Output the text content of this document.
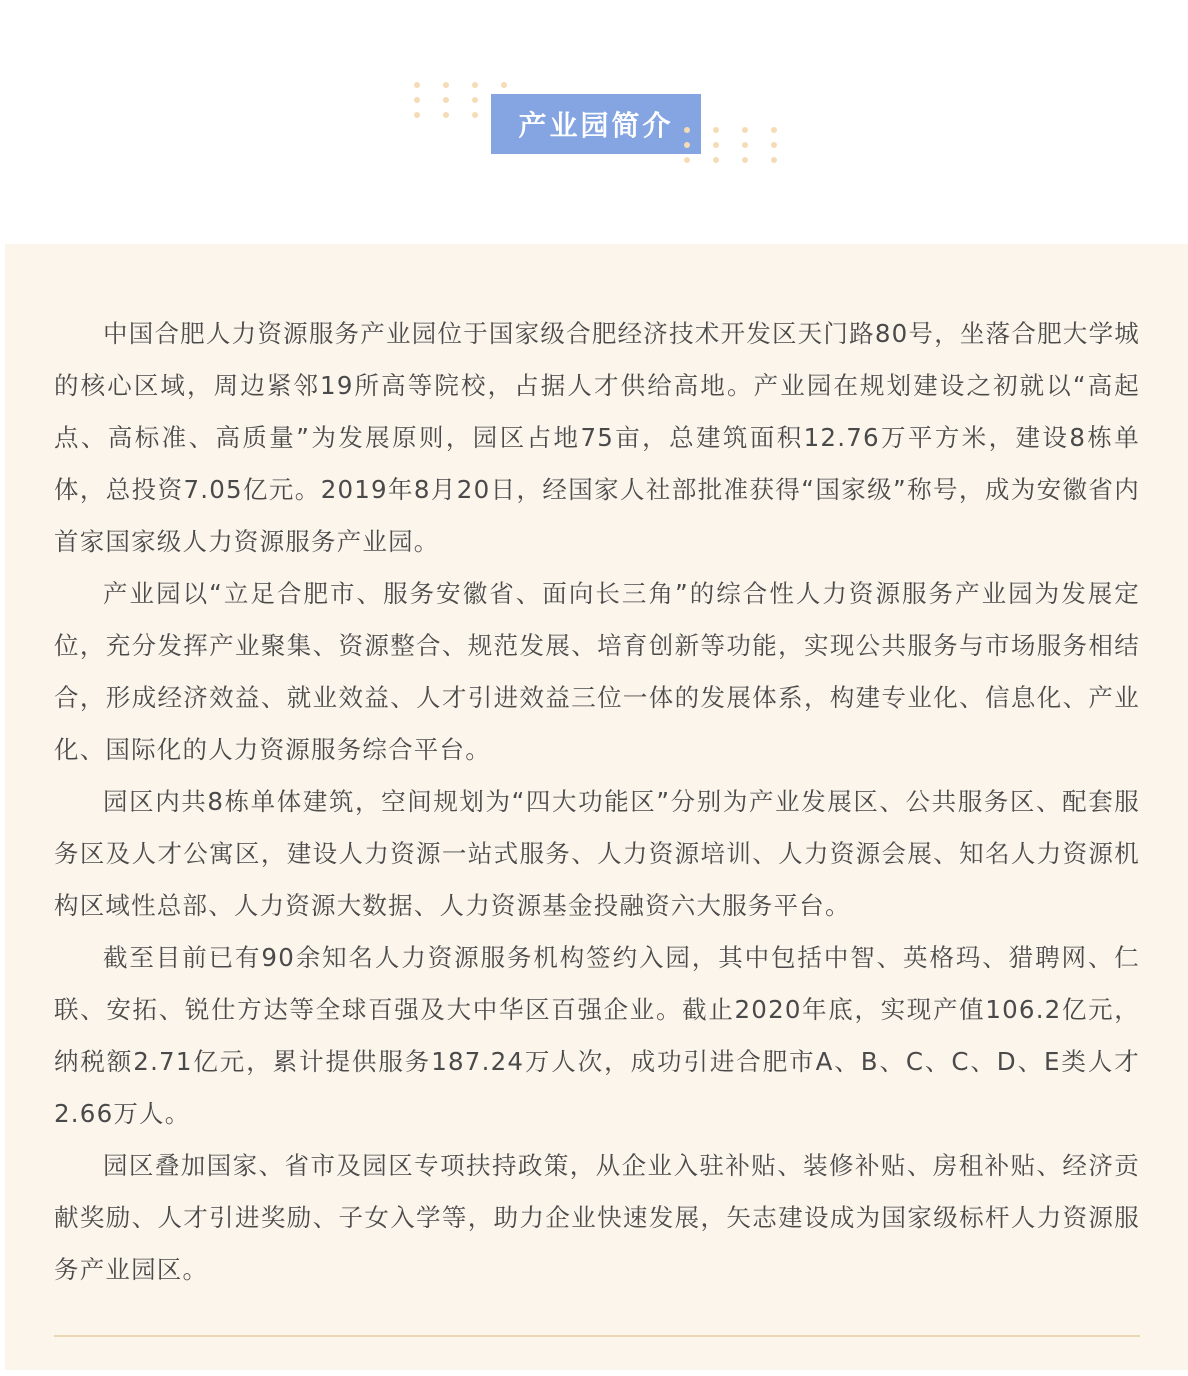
产业园简介

中国合肥人力资源服务产业园位于国家级合肥经济技术开发区天门路80号，坐落合肥大学城的核心区域，周边紧邻19所高等院校，占据人才供给高地。产业园在规划建设之初就以“高起点、高标准、高质量”为发展原则，园区占地75亩，总建筑面积12.76万平方米，建设8栋单体，总投资7.05亿元。2019年8月20日，经国家人社部批准获得“国家级”称号，成为安徽省内首家国家级人力资源服务产业园。

产业园以“立足合肥市、服务安徽省、面向长三角”的综合性人力资源服务产业园为发展定位，充分发挥产业聚集、资源整合、规范发展、培育创新等功能，实现公共服务与市场服务相结合，形成经济效益、就业效益、人才引进效益三位一体的发展体系，构建专业化、信息化、产业化、国际化的人力资源服务综合平台。

园区内共8栋单体建筑，空间规划为“四大功能区”分别为产业发展区、公共服务区、配套服务区及人才公寓区，建设人力资源一站式服务、人力资源培训、人力资源会展、知名人力资源机构区域性总部、人力资源大数据、人力资源基金投融资六大服务平台。

截至目前已有90余知名人力资源服务机构签约入园，其中包括中智、英格玛、猎聘网、仁联、安拓、锐仕方达等全球百强及大中华区百强企业。截止2020年底，实现产值106.2亿元，纳税额2.71亿元，累计提供服务187.24万人次，成功引进合肥市A、B、C、C、D、E类人才2.66万人。

园区叠加国家、省市及园区专项扶持政策，从企业入驻补贴、装修补贴、房租补贴、经济贡献奖励、人才引进奖励、子女入学等，助力企业快速发展，矢志建设成为国家级标杆人力资源服务产业园区。
